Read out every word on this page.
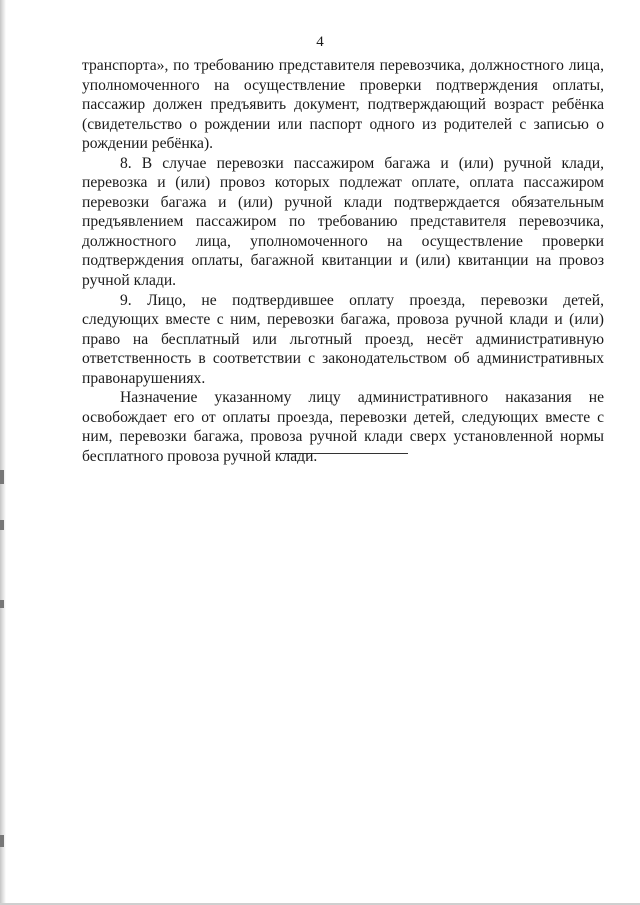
4

транспорта», по требованию представителя перевозчика, должностного лица, уполномоченного на осуществление проверки подтверждения оплаты, пассажир должен предъявить документ, подтверждающий возраст ребёнка (свидетельство о рождении или паспорт одного из родителей с записью о рождении ребёнка).

8. В случае перевозки пассажиром багажа и (или) ручной клади, перевозка и (или) провоз которых подлежат оплате, оплата пассажиром перевозки багажа и (или) ручной клади подтверждается обязательным предъявлением пассажиром по требованию представителя перевозчика, должностного лица, уполномоченного на осуществление проверки подтверждения оплаты, багажной квитанции и (или) квитанции на провоз ручной клади.

9. Лицо, не подтвердившее оплату проезда, перевозки детей, следующих вместе с ним, перевозки багажа, провоза ручной клади и (или) право на бесплатный или льготный проезд, несёт административную ответственность в соответствии с законодательством об административных правонарушениях.

Назначение указанному лицу административного наказания не освобождает его от оплаты проезда, перевозки детей, следующих вместе с ним, перевозки багажа, провоза ручной клади сверх установленной нормы бесплатного провоза ручной клади.
